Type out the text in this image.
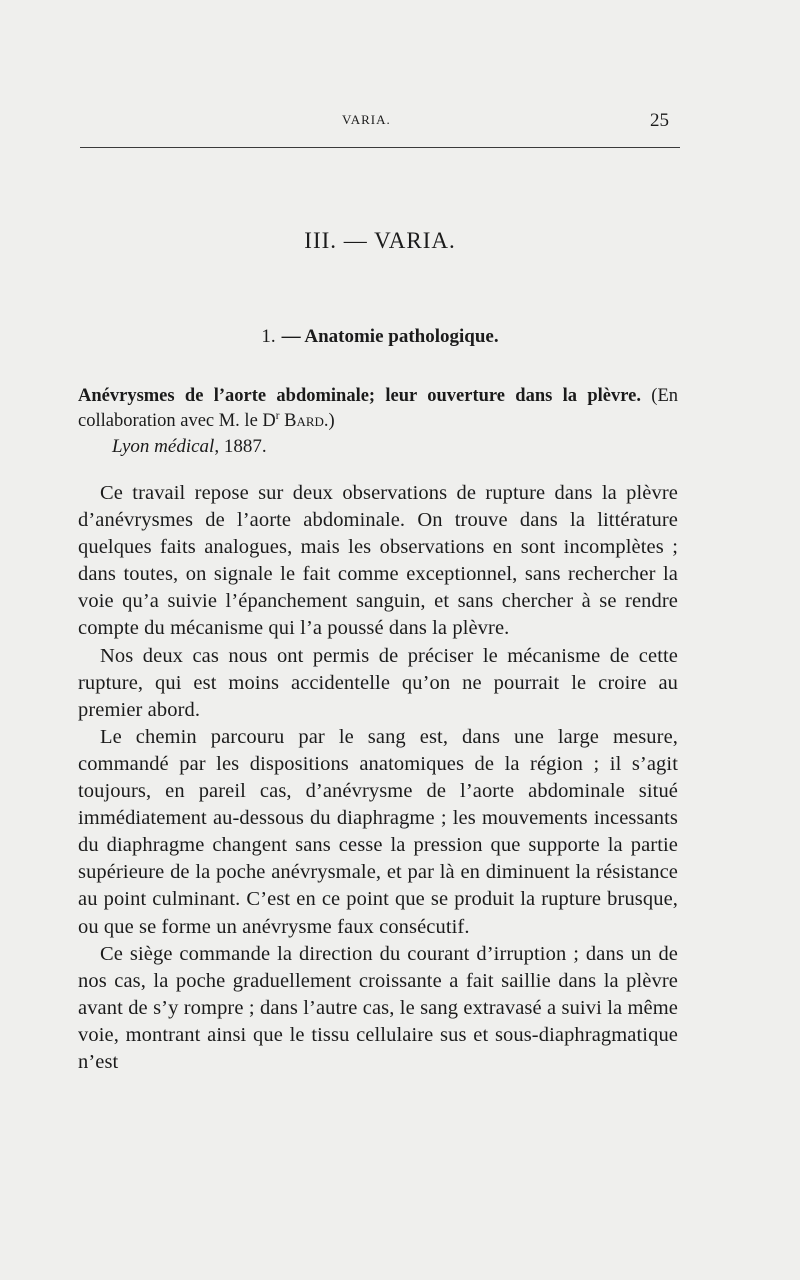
VARIA.	25
III. — VARIA.
1. — Anatomie pathologique.
Anévrysmes de l’aorte abdominale; leur ouverture dans la plèvre. (En collaboration avec M. le $D^r$ Bard.)
Lyon médical, 1887.

Ce travail repose sur deux observations de rupture dans la plèvre d’anévrysmes de l’aorte abdominale. On trouve dans la littérature quelques faits analogues, mais les observations en sont incomplètes ; dans toutes, on signale le fait comme exceptionnel, sans rechercher la voie qu’a suivie l’épanchement sanguin, et sans chercher à se rendre compte du mécanisme qui l’a poussé dans la plèvre.

Nos deux cas nous ont permis de préciser le mécanisme de cette rupture, qui est moins accidentelle qu’on ne pourrait le croire au premier abord.

Le chemin parcouru par le sang est, dans une large mesure, commandé par les dispositions anatomiques de la région ; il s’agit toujours, en pareil cas, d’anévrysme de l’aorte abdominale situé immédiatement au-dessous du diaphragme ; les mouvements incessants du diaphragme changent sans cesse la pression que supporte la partie supérieure de la poche anévrysmale, et par là en diminuent la résistance au point culminant. C’est en ce point que se produit la rupture brusque, ou que se forme un anévrysme faux consécutif.

Ce siège commande la direction du courant d’irruption ; dans un de nos cas, la poche graduellement croissante a fait saillie dans la plèvre avant de s’y rompre ; dans l’autre cas, le sang extravasé a suivi la même voie, montrant ainsi que le tissu cellulaire sus et sous-diaphragmatique n’est
